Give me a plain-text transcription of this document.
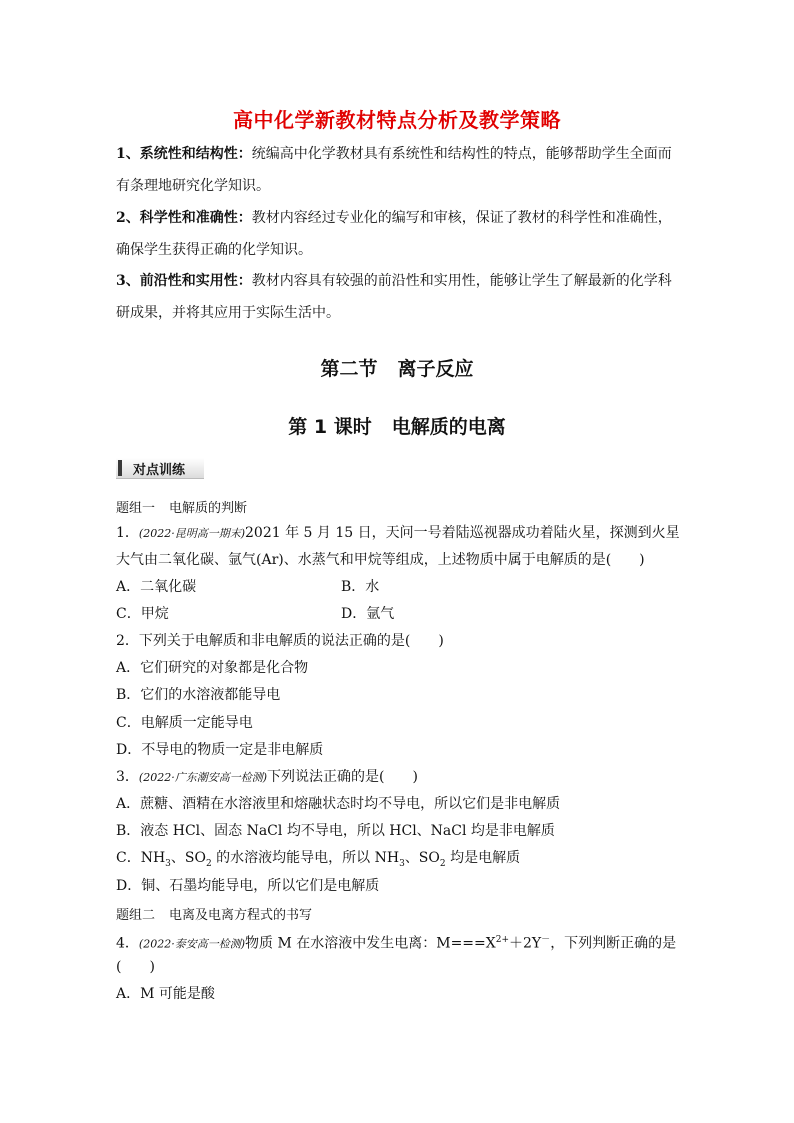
高中化学新教材特点分析及教学策略
1、系统性和结构性：统编高中化学教材具有系统性和结构性的特点，能够帮助学生全面而
有条理地研究化学知识。
2、科学性和准确性：教材内容经过专业化的编写和审核，保证了教材的科学性和准确性，
确保学生获得正确的化学知识。
3、前沿性和实用性：教材内容具有较强的前沿性和实用性，能够让学生了解最新的化学科
研成果，并将其应用于实际生活中。
第二节 离子反应
第 1 课时 电解质的电离
对点训练
题组一 电解质的判断
1．(2022·昆明高一期末)2021 年 5 月 15 日，天问一号着陆巡视器成功着陆火星，探测到火星
大气由二氧化碳、氩气(Ar)、水蒸气和甲烷等组成，上述物质中属于电解质的是(　　)
A．二氧化碳	B．水
C．甲烷	D．氩气
2．下列关于电解质和非电解质的说法正确的是(　　)
A．它们研究的对象都是化合物
B．它们的水溶液都能导电
C．电解质一定能导电
D．不导电的物质一定是非电解质
3．(2022·广东潮安高一检测)下列说法正确的是(　　)
A．蔗糖、酒精在水溶液里和熔融状态时均不导电，所以它们是非电解质
B．液态 HCl、固态 NaCl 均不导电，所以 HCl、NaCl 均是非电解质
C．$NH_3$、$SO_2$ 的水溶液均能导电，所以 $NH_3$、$SO_2$ 均是电解质
D．铜、石墨均能导电，所以它们是电解质
题组二 电离及电离方程式的书写
4．(2022·泰安高一检测)物质 M 在水溶液中发生电离：$M===X^{2+}+2Y^-$，下列判断正确的是
(　　)
A．M 可能是酸
